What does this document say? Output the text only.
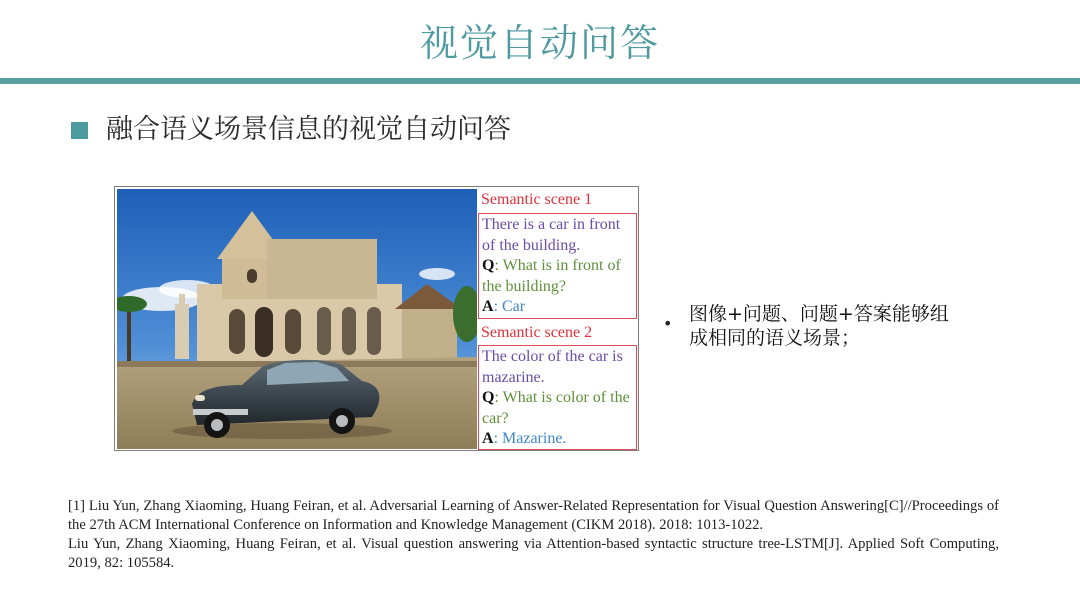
视觉自动问答
融合语义场景信息的视觉自动问答
Semantic scene 1
There is a car in front of the building.
Q: What is in front of the building?
A: Car
Semantic scene 2
The color of the car is mazarine.
Q: What is color of the car?
A: Mazarine.
• 图像+问题、问题+答案能够组成相同的语义场景；

[1] Liu Yun, Zhang Xiaoming, Huang Feiran, et al. Adversarial Learning of Answer-Related Representation for Visual Question Answering[C]//Proceedings of the 27th ACM International Conference on Information and Knowledge Management (CIKM 2018). 2018: 1013-1022.

Liu Yun, Zhang Xiaoming, Huang Feiran, et al. Visual question answering via Attention-based syntactic structure tree-LSTM[J]. Applied Soft Computing, 2019, 82: 105584.
